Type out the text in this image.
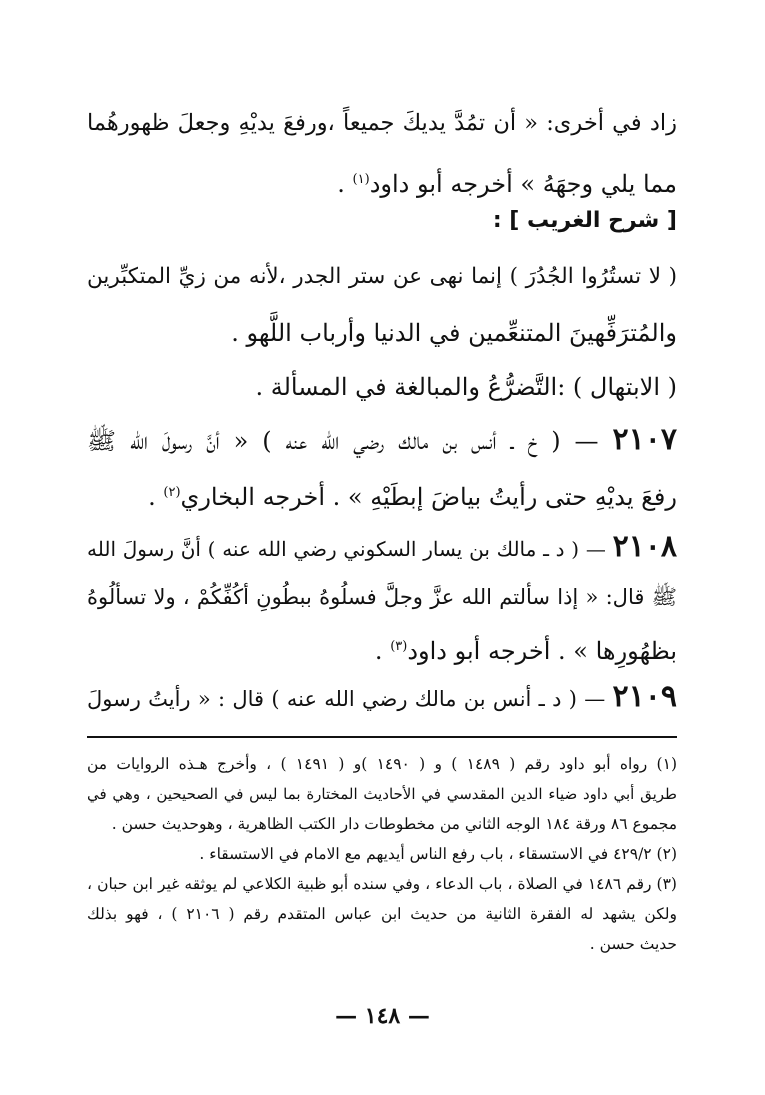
زاد في أخرى: « أن تمُدَّ يديكَ جميعاً ،ورفعَ يديْهِ وجعلَ ظهورهُما
مما يلي وجهَهُ » أخرجه أبو داود$^{(١)}$ .
[ شرح الغريب ] :
( لا تستُرُوا الجُدُرَ ) إنما نهى عن ستر الجدر ،لأنه من زيِّ المتكبِّرين
والمُترَفِّهينَ المتنعِّمين في الدنيا وأرباب اللَّهو .
( الابتهال ) :التَّضرُّعُ والمبالغة في المسألة .
٢١٠٧ — ( خ ـ أنس بن مالك رضي الله عنه ) « أنَّ رسولَ الله ﷺ
رفعَ يديْهِ حتى رأيتُ بياضَ إبطَيْهِ » . أخرجه البخاري$^{(٢)}$ .
٢١٠٨ — ( د ـ مالك بن يسار السكوني رضي الله عنه ) أنَّ رسولَ الله
ﷺ قال: « إذا سألتم الله عزَّ وجلَّ فسلُوهُ ببطُونِ أكُفِّكُمْ ، ولا تسألُوهُ
بظهُورِها » . أخرجه أبو داود$^{(٣)}$ .
٢١٠٩ — ( د ـ أنس بن مالك رضي الله عنه ) قال : « رأيتُ رسولَ
(١) رواه أبو داود رقم ( ١٤٨٩ ) و ( ١٤٩٠ )و ( ١٤٩١ ) ، وأخرج هـذه الروايات من
طريق أبي داود ضياء الدين المقدسي في الأحاديث المختارة بما ليس في الصحيحين ، وهي في
مجموع ٨٦ ورقة ١٨٤ الوجه الثاني من مخطوطات دار الكتب الظاهرية ، وهوحديث حسن .
(٢) ٤٢٩/٢ في الاستسقاء ، باب رفع الناس أيديهم مع الامام في الاستسقاء .
(٣) رقم ١٤٨٦ في الصلاة ، باب الدعاء ، وفي سنده أبو ظبية الكلاعي لم يوثقه غير ابن حبان ،
ولكن يشهد له الفقرة الثانية من حديث ابن عباس المتقدم رقم ( ٢١٠٦ ) ، فهو بذلك
حديث حسن .
— ١٤٨ —
